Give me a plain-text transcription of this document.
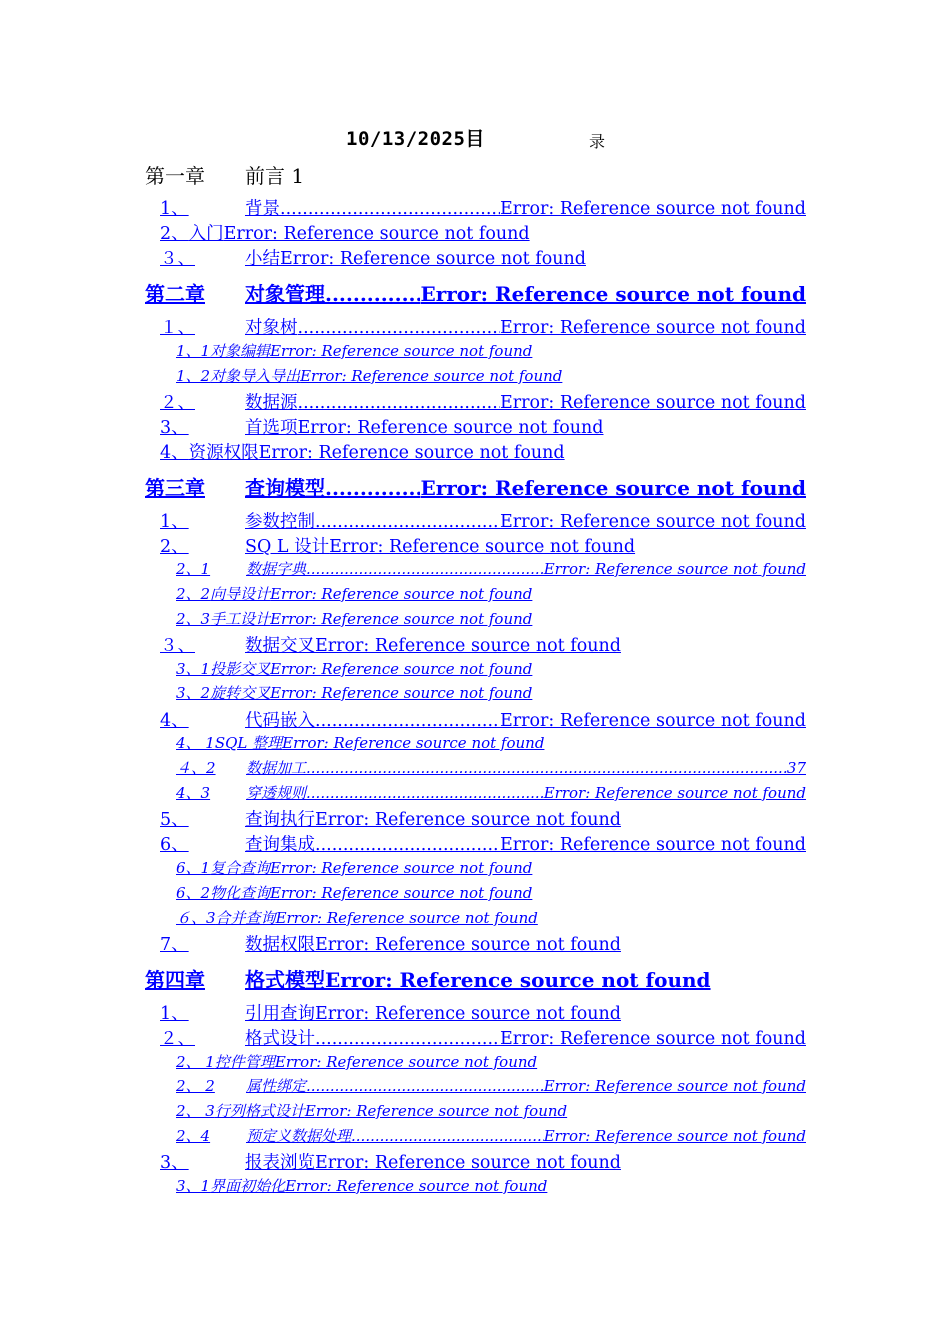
10/13/2025目	录
第一章	前言 1
1、	背景 .....	Error: Reference source not found
2、 入门 Error: Reference source not found
３、	小结 Error: Reference source not found
第二章	对象管理 .....	Error: Reference source not found
１、	对象树 .....	Error: Reference source not found
1、1 对象编辑 Error: Reference source not found
1、2 对象导入导出 Error: Reference source not found
２、	数据源 .....	Error: Reference source not found
3、	首选项 Error: Reference source not found
4、 资源权限 Error: Reference source not found
第三章	查询模型 .....	Error: Reference source not found
1、	参数控制 .....	Error: Reference source not found
2、	SQ L 设计 Error: Reference source not found
2、1	数据字典 .....	Error: Reference source not found
2、2 向导设计 Error: Reference source not found
2、3 手工设计 Error: Reference source not found
３、	数据交叉 Error: Reference source not found
3、1 投影交叉 Error: Reference source not found
3、2 旋转交叉 Error: Reference source not found
4、	代码嵌入 .....	Error: Reference source not found
4、 1 SQL 整理 Error: Reference source not found
４、2	数据加工 .....	37
4、3	穿透规则 .....	Error: Reference source not found
5、	查询执行 Error: Reference source not found
6、	查询集成 .....	Error: Reference source not found
6、1 复合查询 Error: Reference source not found
6、2 物化查询 Error: Reference source not found
６、3 合并查询 Error: Reference source not found
7、	数据权限 Error: Reference source not found
第四章	格式模型 Error: Reference source not found
1、	引用查询 Error: Reference source not found
２、	格式设计 .....	Error: Reference source not found
2、 1 控件管理 Error: Reference source not found
2、 2	属性绑定 .....	Error: Reference source not found
2、 3 行列格式设计 Error: Reference source not found
2、4	预定义数据处理 .....	Error: Reference source not found
3、	报表浏览 Error: Reference source not found
3、1 界面初始化 Error: Reference source not found
